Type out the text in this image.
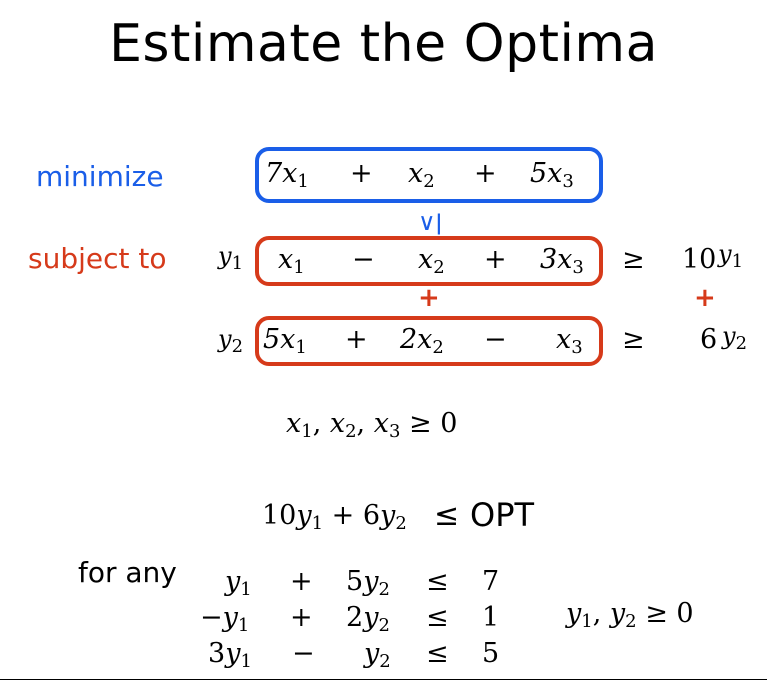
Estimate the Optima
minimize	$7x_1 + x_2 + 5x_3$
∨ǀ
subject to $y_1$ $x_1 - x_2 + 3x_3 \ge 10$ $y_1$
+	+
$y_2$ $5x_1 + 2x_2 - x_3 \ge 6$ $y_2$
$x_1$, $x_2$, $x_3 \ge 0$
$10y_1 + 6y_2$ ≤ OPT
for any $y_1 + 5y_2 \le 7$
$-y_1 + 2y_2 \le 1$
$3y_1 - y_2 \le 5$
$y_1$, $y_2 \ge 0$
